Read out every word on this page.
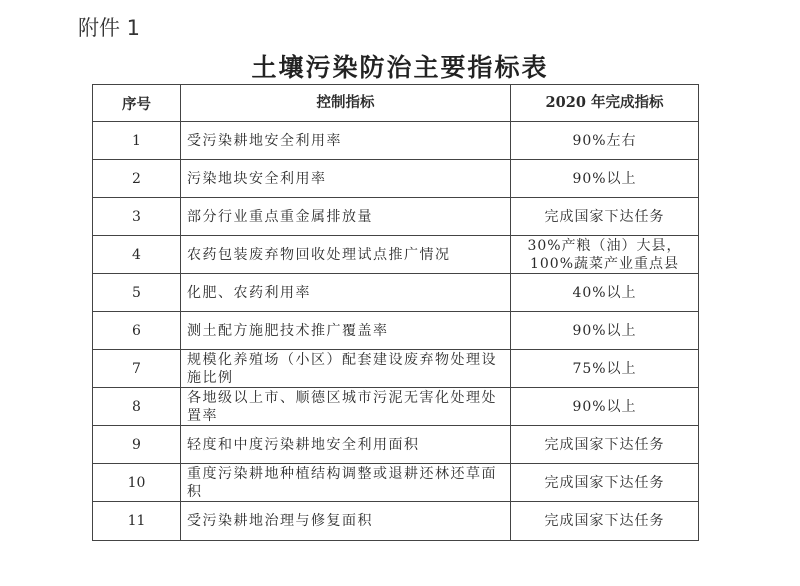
附件 1
土壤污染防治主要指标表
序号	控制指标	2020 年完成指标
1	受污染耕地安全利用率	90%左右
2	污染地块安全利用率	90%以上
3	部分行业重点重金属排放量	完成国家下达任务
4	农药包装废弃物回收处理试点推广情况	30%产粮（油）大县，100%蔬菜产业重点县
5	化肥、农药利用率	40%以上
6	测土配方施肥技术推广覆盖率	90%以上
7	规模化养殖场（小区）配套建设废弃物处理设施比例	75%以上
8	各地级以上市、顺德区城市污泥无害化处理处置率	90%以上
9	轻度和中度污染耕地安全利用面积	完成国家下达任务
10	重度污染耕地种植结构调整或退耕还林还草面积	完成国家下达任务
11	受污染耕地治理与修复面积	完成国家下达任务
